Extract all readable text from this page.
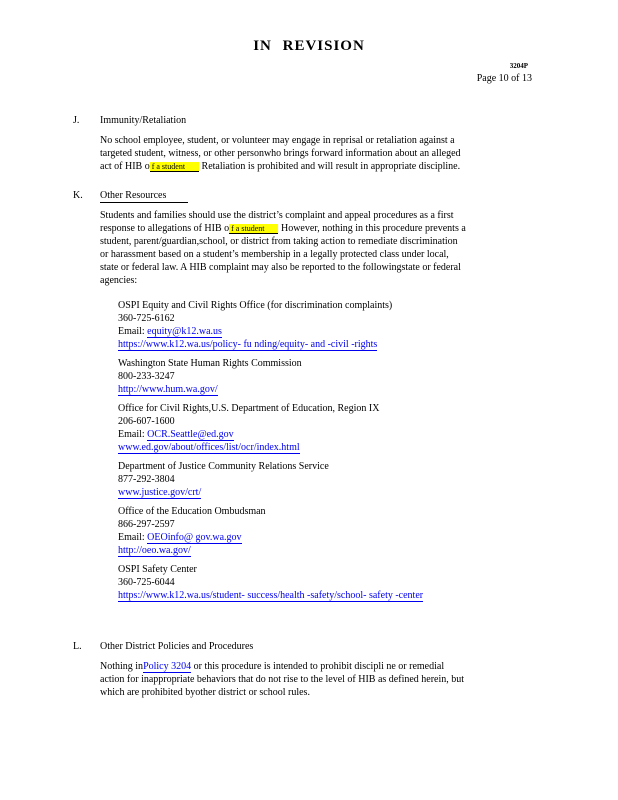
IN REVISION
3204P
Page 10 of 13
J. Immunity/Retaliation
No school employee, student, or volunteer may engage in reprisal or retaliation against a
targeted student, witness, or other personwho brings forward information about an alleged
act of HIB o f a student Retaliation is prohibited and will result in appropriate discipline.
K. Other Resources
Students and families should use the district’s complaint and appeal procedures as a first
response to allegations of HIB o f a student However, nothing in this procedure prevents a
student, parent/guardian,school, or district from taking action to remediate discrimination
or harassment based on a student’s membership in a legally protected class under local,
state or federal law. A HIB complaint may also be reported to the followingstate or federal
agencies:
OSPI Equity and Civil Rights Office (for discrimination complaints)
360-725-6162
Email: equity@k12.wa.us
https://www.k12.wa.us/policy- fu nding/equity- and -civil -rights
Washington State Human Rights Commission
800-233-3247
http://www.hum.wa.gov/
Office for Civil Rights,U.S. Department of Education, Region IX
206-607-1600
Email: OCR.Seattle@ed.gov
www.ed.gov/about/offices/list/ocr/index.html
Department of Justice Community Relations Service
877-292-3804
www.justice.gov/crt/
Office of the Education Ombudsman
866-297-2597
Email: OEOinfo@ gov.wa.gov
http://oeo.wa.gov/
OSPI Safety Center
360-725-6044
https://www.k12.wa.us/student- success/health -safety/school- safety -center
L. Other District Policies and Procedures
Nothing inPolicy 3204 or this procedure is intended to prohibit discipli ne or remedial
action for inappropriate behaviors that do not rise to the level of HIB as defined herein, but
which are prohibited byother district or school rules.
